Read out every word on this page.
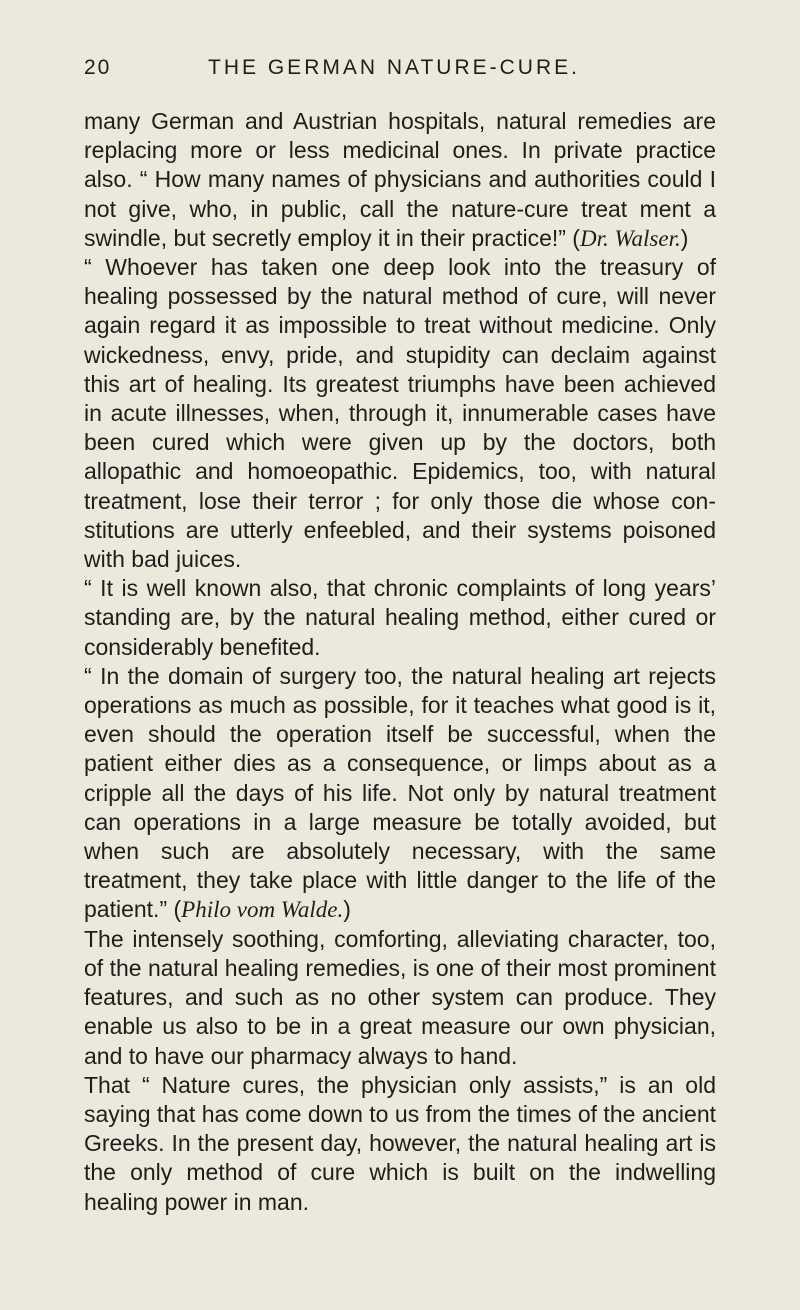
20	THE GERMAN NATURE-CURE.

many German and Austrian hospitals, natural remedies are replacing more or less medicinal ones. In private practice also. “ How many names of physicians and authorities could I not give, who, in public, call the nature-cure treat ment a swindle, but secretly employ it in their practice!” (Dr. Walser.)

“ Whoever has taken one deep look into the treasury of healing possessed by the natural method of cure, will never again regard it as impossible to treat without medicine. Only wickedness, envy, pride, and stupidity can declaim against this art of healing. Its greatest triumphs have been achieved in acute illnesses, when, through it, innumerable cases have been cured which were given up by the doctors, both allopathic and homoeopathic. Epidemics, too, with natural treatment, lose their terror ; for only those die whose con-stitutions are utterly enfeebled, and their systems poisoned with bad juices.

“ It is well known also, that chronic complaints of long years’ standing are, by the natural healing method, either cured or considerably benefited.

“ In the domain of surgery too, the natural healing art rejects operations as much as possible, for it teaches what good is it, even should the operation itself be successful, when the patient either dies as a consequence, or limps about as a cripple all the days of his life. Not only by natural treatment can operations in a large measure be totally avoided, but when such are absolutely necessary, with the same treatment, they take place with little danger to the life of the patient.” (Philo vom Walde.)

The intensely soothing, comforting, alleviating character, too, of the natural healing remedies, is one of their most prominent features, and such as no other system can produce. They enable us also to be in a great measure our own physician, and to have our pharmacy always to hand.

That “ Nature cures, the physician only assists,” is an old saying that has come down to us from the times of the ancient Greeks. In the present day, however, the natural healing art is the only method of cure which is built on the indwelling healing power in man.
